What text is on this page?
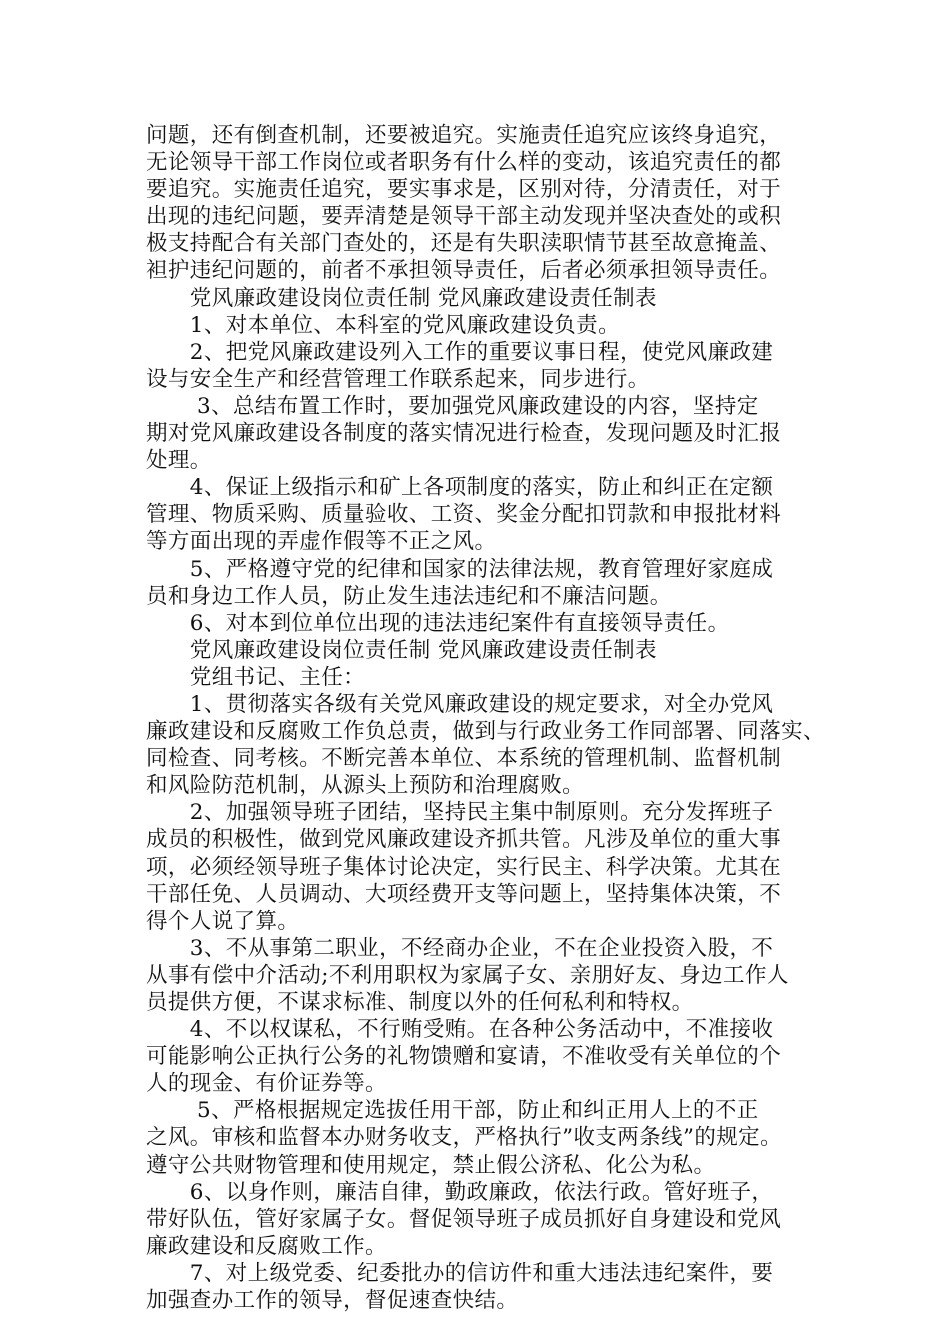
问题，还有倒查机制，还要被追究。实施责任追究应该终身追究，
无论领导干部工作岗位或者职务有什么样的变动，该追究责任的都
要追究。实施责任追究，要实事求是，区别对待，分清责任，对于
出现的违纪问题，要弄清楚是领导干部主动发现并坚决查处的或积
极支持配合有关部门查处的，还是有失职渎职情节甚至故意掩盖、
袒护违纪问题的，前者不承担领导责任，后者必须承担领导责任。
　　党风廉政建设岗位责任制 党风廉政建设责任制表
　　1、对本单位、本科室的党风廉政建设负责。
　　2、把党风廉政建设列入工作的重要议事日程，使党风廉政建
设与安全生产和经营管理工作联系起来，同步进行。
　　 3、总结布置工作时，要加强党风廉政建设的内容，坚持定
期对党风廉政建设各制度的落实情况进行检查，发现问题及时汇报
处理。
　　4、保证上级指示和矿上各项制度的落实，防止和纠正在定额
管理、物质采购、质量验收、工资、奖金分配扣罚款和申报批材料
等方面出现的弄虚作假等不正之风。
　　5、严格遵守党的纪律和国家的法律法规，教育管理好家庭成
员和身边工作人员，防止发生违法违纪和不廉洁问题。
　　6、对本到位单位出现的违法违纪案件有直接领导责任。
　　党风廉政建设岗位责任制 党风廉政建设责任制表
　　党组书记、主任：
　　1、贯彻落实各级有关党风廉政建设的规定要求，对全办党风
廉政建设和反腐败工作负总责，做到与行政业务工作同部署、同落实、
同检查、同考核。不断完善本单位、本系统的管理机制、监督机制
和风险防范机制，从源头上预防和治理腐败。
　　2、加强领导班子团结，坚持民主集中制原则。充分发挥班子
成员的积极性，做到党风廉政建设齐抓共管。凡涉及单位的重大事
项，必须经领导班子集体讨论决定，实行民主、科学决策。尤其在
干部任免、人员调动、大项经费开支等问题上，坚持集体决策，不
得个人说了算。
　　3、不从事第二职业，不经商办企业，不在企业投资入股，不
从事有偿中介活动;不利用职权为家属子女、亲朋好友、身边工作人
员提供方便，不谋求标准、制度以外的任何私利和特权。
　　4、不以权谋私，不行贿受贿。在各种公务活动中，不准接收
可能影响公正执行公务的礼物馈赠和宴请，不准收受有关单位的个
人的现金、有价证券等。
　　 5、严格根据规定选拔任用干部，防止和纠正用人上的不正
之风。审核和监督本办财务收支，严格执行”收支两条线”的规定。
遵守公共财物管理和使用规定，禁止假公济私、化公为私。
　　6、以身作则，廉洁自律，勤政廉政，依法行政。管好班子，
带好队伍，管好家属子女。督促领导班子成员抓好自身建设和党风
廉政建设和反腐败工作。
　　7、对上级党委、纪委批办的信访件和重大违法违纪案件，要
加强查办工作的领导，督促速查快结。
